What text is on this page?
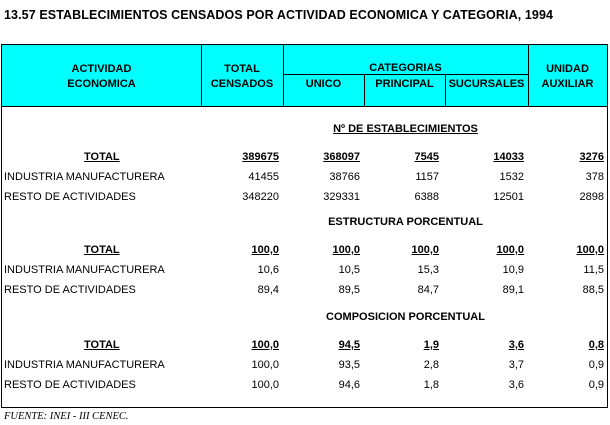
13.57 ESTABLECIMIENTOS CENSADOS POR ACTIVIDAD ECONOMICA Y CATEGORIA, 1994
ACTIVIDAD
ECONOMICA
TOTAL
CENSADOS
CATEGORIAS
UNICO	PRINCIPAL	SUCURSALES
UNIDAD
AUXILIAR
Nº DE ESTABLECIMIENTOS
TOTAL	389675	368097	7545	14033	3276
INDUSTRIA MANUFACTURERA	41455	38766	1157	1532	378
RESTO DE ACTIVIDADES	348220	329331	6388	12501	2898
ESTRUCTURA PORCENTUAL
TOTAL	100,0	100,0	100,0	100,0	100,0
INDUSTRIA MANUFACTURERA	10,6	10,5	15,3	10,9	11,5
RESTO DE ACTIVIDADES	89,4	89,5	84,7	89,1	88,5
COMPOSICION PORCENTUAL
TOTAL	100,0	94,5	1,9	3,6	0,8
INDUSTRIA MANUFACTURERA	100,0	93,5	2,8	3,7	0,9
RESTO DE ACTIVIDADES	100,0	94,6	1,8	3,6	0,9
FUENTE: INEI - III CENEC.
